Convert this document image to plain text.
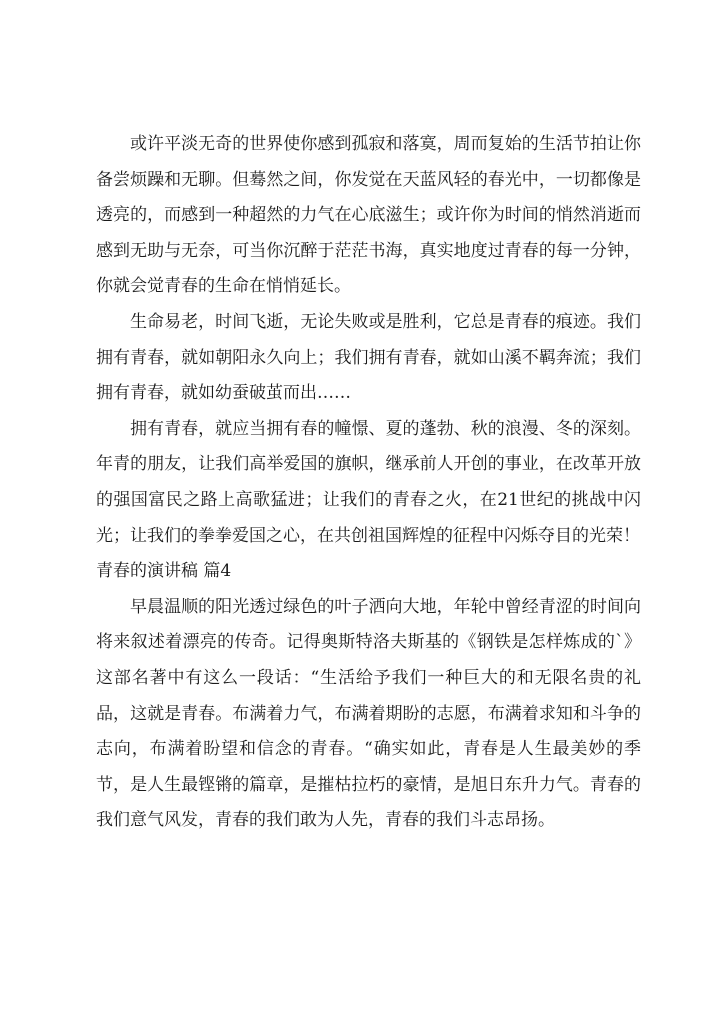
或许平淡无奇的世界使你感到孤寂和落寞，周而复始的生活节拍让你备尝烦躁和无聊。但蓦然之间，你发觉在天蓝风轻的春光中，一切都像是透亮的，而感到一种超然的力气在心底滋生；或许你为时间的悄然消逝而感到无助与无奈，可当你沉醉于茫茫书海，真实地度过青春的每一分钟，你就会觉青春的生命在悄悄延长。

生命易老，时间飞逝，无论失败或是胜利，它总是青春的痕迹。我们拥有青春，就如朝阳永久向上；我们拥有青春，就如山溪不羁奔流；我们拥有青春，就如幼蚕破茧而出……

拥有青春，就应当拥有春的幢憬、夏的蓬勃、秋的浪漫、冬的深刻。年青的朋友，让我们高举爱国的旗帜，继承前人开创的事业，在改革开放的强国富民之路上高歌猛进；让我们的青春之火，在21世纪的挑战中闪光；让我们的拳拳爱国之心，在共创祖国辉煌的征程中闪烁夺目的光荣！

青春的演讲稿 篇4

早晨温顺的阳光透过绿色的叶子洒向大地，年轮中曾经青涩的时间向将来叙述着漂亮的传奇。记得奥斯特洛夫斯基的《钢铁是怎样炼成的`》这部名著中有这么一段话：“生活给予我们一种巨大的和无限名贵的礼品，这就是青春。布满着力气，布满着期盼的志愿，布满着求知和斗争的志向，布满着盼望和信念的青春。“确实如此，青春是人生最美妙的季节，是人生最铿锵的篇章，是摧枯拉朽的豪情，是旭日东升力气。青春的我们意气风发，青春的我们敢为人先，青春的我们斗志昂扬。
